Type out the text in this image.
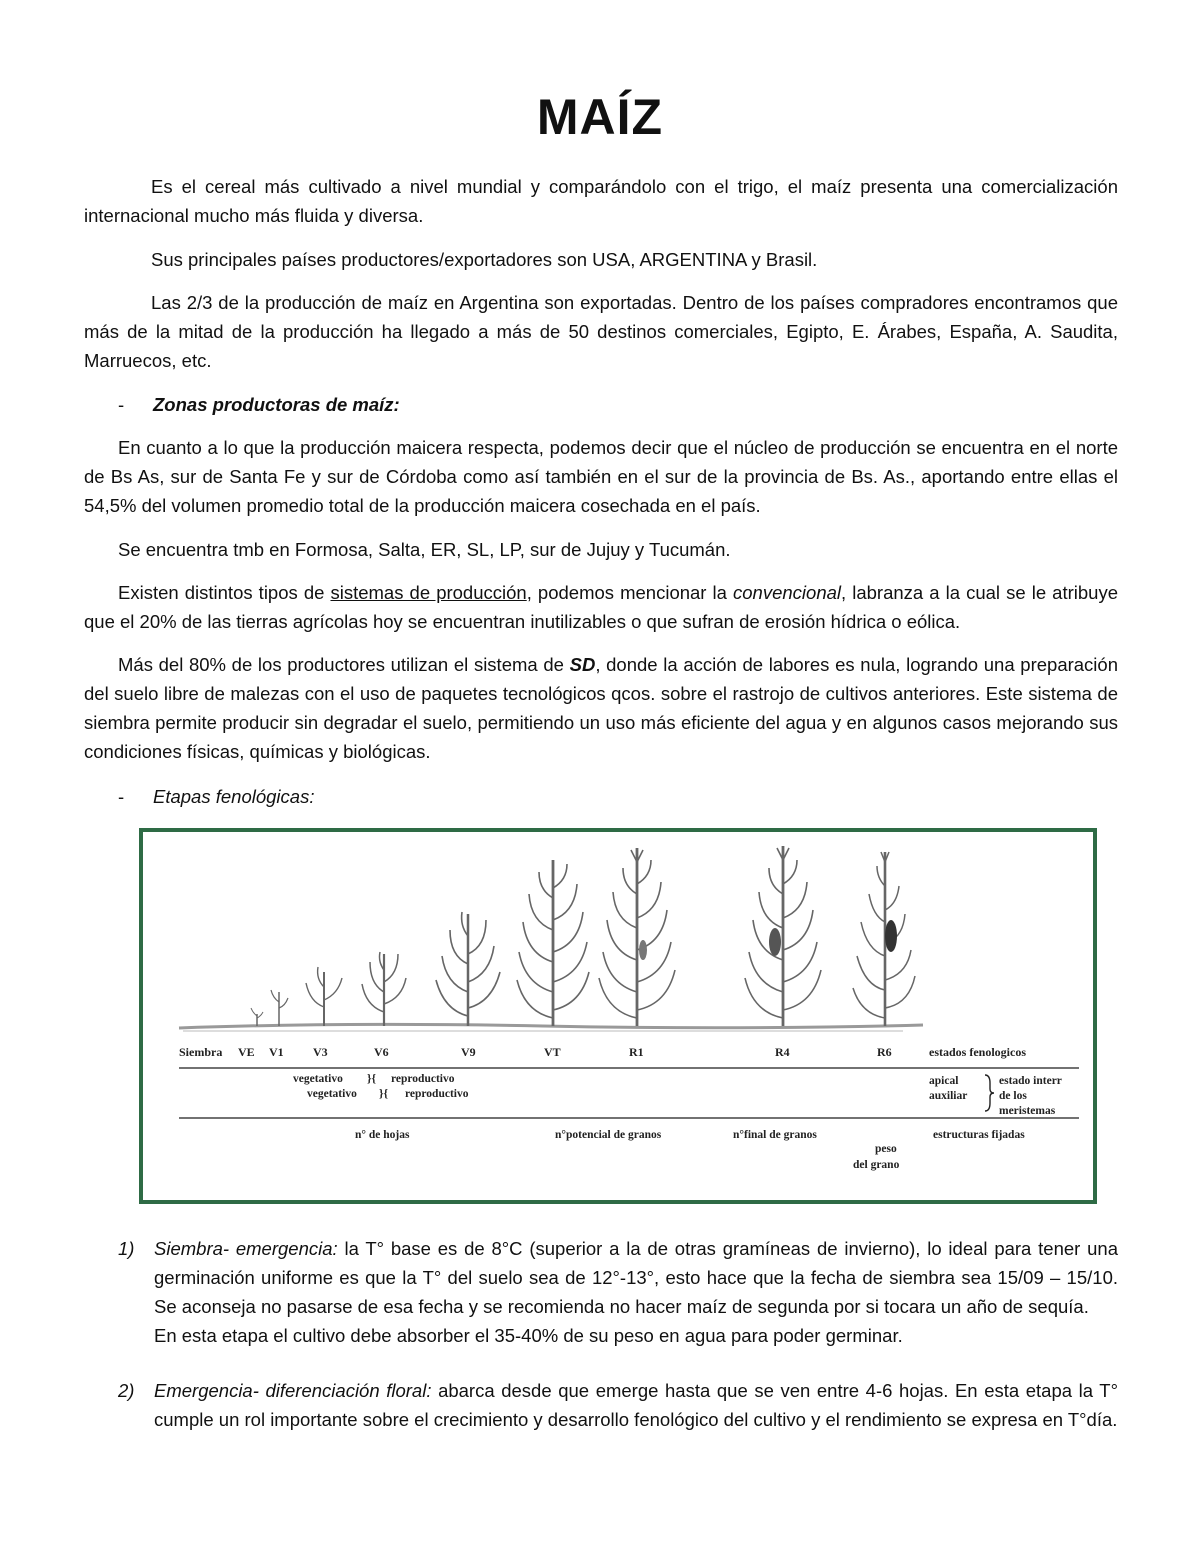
MAÍZ

Es el cereal más cultivado a nivel mundial y comparándolo con el trigo, el maíz presenta una comercialización internacional mucho más fluida y diversa.

Sus principales países productores/exportadores son USA, ARGENTINA y Brasil.

Las 2/3 de la producción de maíz en Argentina son exportadas. Dentro de los países compradores encontramos que más de la mitad de la producción ha llegado a más de 50 destinos comerciales, Egipto, E. Árabes, España, A. Saudita, Marruecos, etc.

- Zonas productoras de maíz:

En cuanto a lo que la producción maicera respecta, podemos decir que el núcleo de producción se encuentra en el norte de Bs As, sur de Santa Fe y sur de Córdoba como así también en el sur de la provincia de Bs. As., aportando entre ellas el 54,5% del volumen promedio total de la producción maicera cosechada en el país.

Se encuentra tmb en Formosa, Salta, ER, SL, LP, sur de Jujuy y Tucumán.

Existen distintos tipos de sistemas de producción, podemos mencionar la convencional, labranza a la cual se le atribuye que el 20% de las tierras agrícolas hoy se encuentran inutilizables o que sufran de erosión hídrica o eólica.

Más del 80% de los productores utilizan el sistema de SD, donde la acción de labores es nula, logrando una preparación del suelo libre de malezas con el uso de paquetes tecnológicos qcos. sobre el rastrojo de cultivos anteriores. Este sistema de siembra permite producir sin degradar el suelo, permitiendo un uso más eficiente del agua y en algunos casos mejorando sus condiciones físicas, químicas y biológicas.

- Etapas fenológicas:
Siembra VE V1 V3	V6	V9	VT	R1	R4	R6	estados fenologicos
vegetativo
vegetativo
}{
}{
reproductivo
reproductivo
apical
auxiliar
estado interr
de los
meristemas
n° de hojas	n°potencial de granos	n°final de granos
peso
del grano
estructuras fijadas
1) Siembra- emergencia: la T° base es de 8°C (superior a la de otras gramíneas de invierno), lo ideal para tener una germinación uniforme es que la T° del suelo sea de 12°-13°, esto hace que la fecha de siembra sea 15/09 – 15/10. Se aconseja no pasarse de esa fecha y se recomienda no hacer maíz de segunda por si tocara un año de sequía.
En esta etapa el cultivo debe absorber el 35-40% de su peso en agua para poder germinar.
2) Emergencia- diferenciación floral: abarca desde que emerge hasta que se ven entre 4-6 hojas. En esta etapa la T° cumple un rol importante sobre el crecimiento y desarrollo fenológico del cultivo y el rendimiento se expresa en T°día.
